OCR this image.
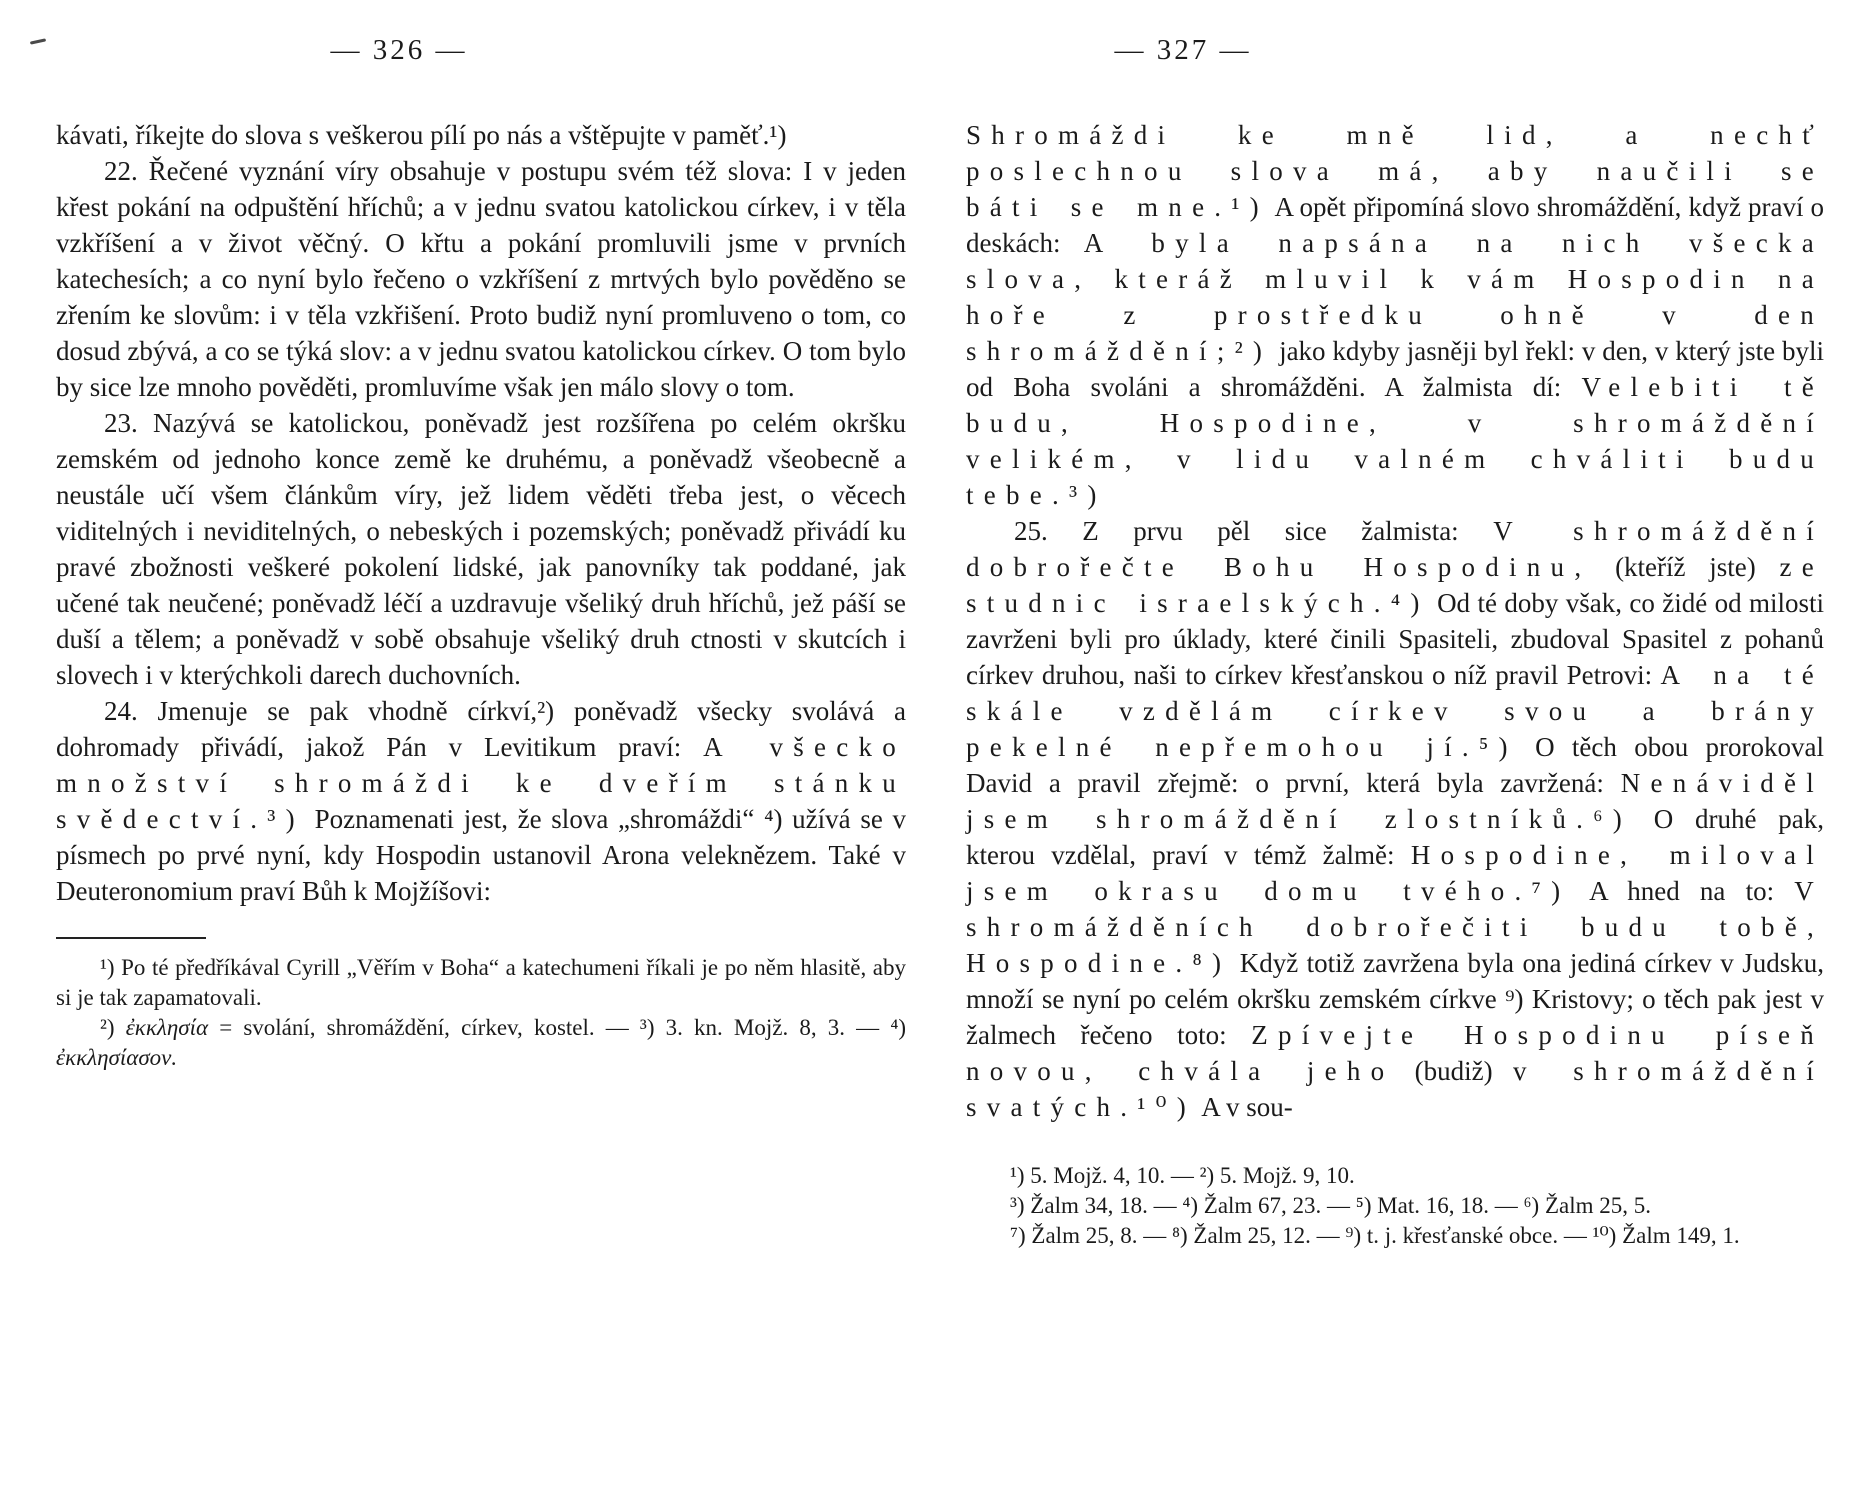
— 326 —

kávati, říkejte do slova s veškerou pílí po nás a vštěpujte v paměť.¹)

22. Řečené vyznání víry obsahuje v postupu svém též slova: I v jeden křest pokání na odpuštění hříchů; a v jednu svatou katolickou církev, i v těla vzkříšení a v život věčný. O křtu a pokání promluvili jsme v prvních katechesích; a co nyní bylo řečeno o vzkříšení z mrtvých bylo pověděno se zřením ke slovům: i v těla vzkřišení. Proto budiž nyní promluveno o tom, co dosud zbývá, a co se týká slov: a v jednu svatou katolickou církev. O tom bylo by sice lze mnoho pověděti, promluvíme však jen málo slovy o tom.

23. Nazývá se katolickou, poněvadž jest rozšířena po celém okršku zemském od jednoho konce země ke druhému, a poněvadž všeobecně a neustále učí všem článkům víry, jež lidem věděti třeba jest, o věcech viditelných i neviditelných, o nebeských i pozemských; poněvadž přivádí ku pravé zbožnosti veškeré pokolení lidské, jak panovníky tak poddané, jak učené tak neučené; poněvadž léčí a uzdravuje všeliký druh hříchů, jež páší se duší a tělem; a poněvadž v sobě obsahuje všeliký druh ctnosti v skutcích i slovech i v kterýchkoli darech duchovních.

24. Jmenuje se pak vhodně církví,²) poněvadž všecky svolává a dohromady přivádí, jakož Pán v Levitikum praví: A všecko množství shromáždi ke dveřím stánku svědectví.³) Poznamenati jest, že slova „shromáždi“ ⁴) užívá se v písmech po prvé nyní, kdy Hospodin ustanovil Arona veleknězem. Také v Deuteronomium praví Bůh k Mojžíšovi:

¹) Po té předříkával Cyrill „Věřím v Boha“ a katechumeni říkali je po něm hlasitě, aby si je tak zapamatovali.

²) ἐκκλησία = svolání, shromáždění, církev, kostel. — ³) 3. kn. Mojž. 8, 3. — ⁴) ἐκκλησίασον.

— 327 —

Shromáždi ke mně lid, a nechť poslechnou slova má, aby naučili se báti se mne.¹) A opět připomíná slovo shromáždění, když praví o deskách: A byla napsána na nich všecka slova, kteráž mluvil k vám Hospodin na hoře z prostředku ohně v den shromáždění;²) jako kdyby jasněji byl řekl: v den, v který jste byli od Boha svoláni a shromážděni. A žalmista dí: Velebiti tě budu, Hospodine, v shromáždění velikém, v lidu valném chváliti budu tebe.³)

25. Z prvu pěl sice žalmista: V shromáždění dobrořečte Bohu Hospodinu, (kteříž jste) ze studnic israelských.⁴) Od té doby však, co židé od milosti zavrženi byli pro úklady, které činili Spasiteli, zbudoval Spasitel z pohanů církev druhou, naši to církev křesťanskou o níž pravil Petrovi: A na té skále vzdělám církev svou a brány pekelné nepřemohou jí.⁵) O těch obou prorokoval David a pravil zřejmě: o první, která byla zavržená: Nenáviděl jsem shromáždění zlostníků.⁶) O druhé pak, kterou vzdělal, praví v témž žalmě: Hospodine, miloval jsem okrasu domu tvého.⁷) A hned na to: V shromážděních dobrořečiti budu tobě, Hospodine.⁸) Když totiž zavržena byla ona jediná církev v Judsku, množí se nyní po celém okršku zemském církve ⁹) Kristovy; o těch pak jest v žalmech řečeno toto: Zpívejte Hospodinu píseň novou, chvála jeho (budiž) v shromáždění svatých.¹⁰) A v sou-

¹) 5. Mojž. 4, 10. — ²) 5. Mojž. 9, 10.

³) Žalm 34, 18. — ⁴) Žalm 67, 23. — ⁵) Mat. 16, 18. — ⁶) Žalm 25, 5.

⁷) Žalm 25, 8. — ⁸) Žalm 25, 12. — ⁹) t. j. křesťanské obce. — ¹⁰) Žalm 149, 1.
